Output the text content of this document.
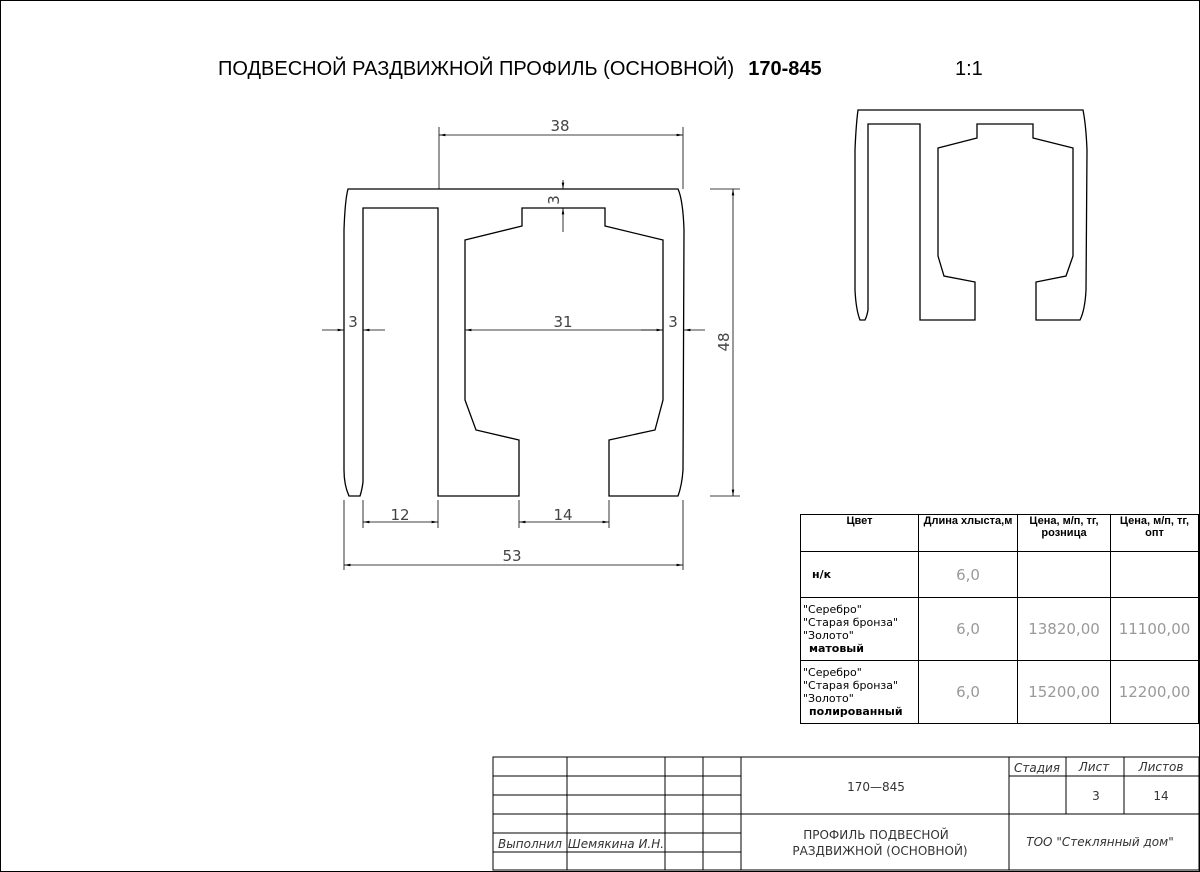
ПОДВЕСНОЙ РАЗДВИЖНОЙ ПРОФИЛЬ (ОСНОВНОЙ) 170-845	1:1
38
3
3	31	3
48
12	14
53
170—845
Стадия Лист Листов
3	14
Выполнил Шемякина И.Н.
ПРОФИЛЬ ПОДВЕСНОЙ
РАЗДВИЖНОЙ (ОСНОВНОЙ)
ТОО "Стеклянный дом"
Цвет	Длина хлыста,м	Цена, м/п, тг, розница	Цена, м/п, тг, опт
н/к	6,0		

"Серебро"
"Старая бронза"
"Золото"
матовый	6,0	13820,00	11100,00

"Серебро"
"Старая бронза"
"Золото"
полированный	6,0	15200,00	12200,00
